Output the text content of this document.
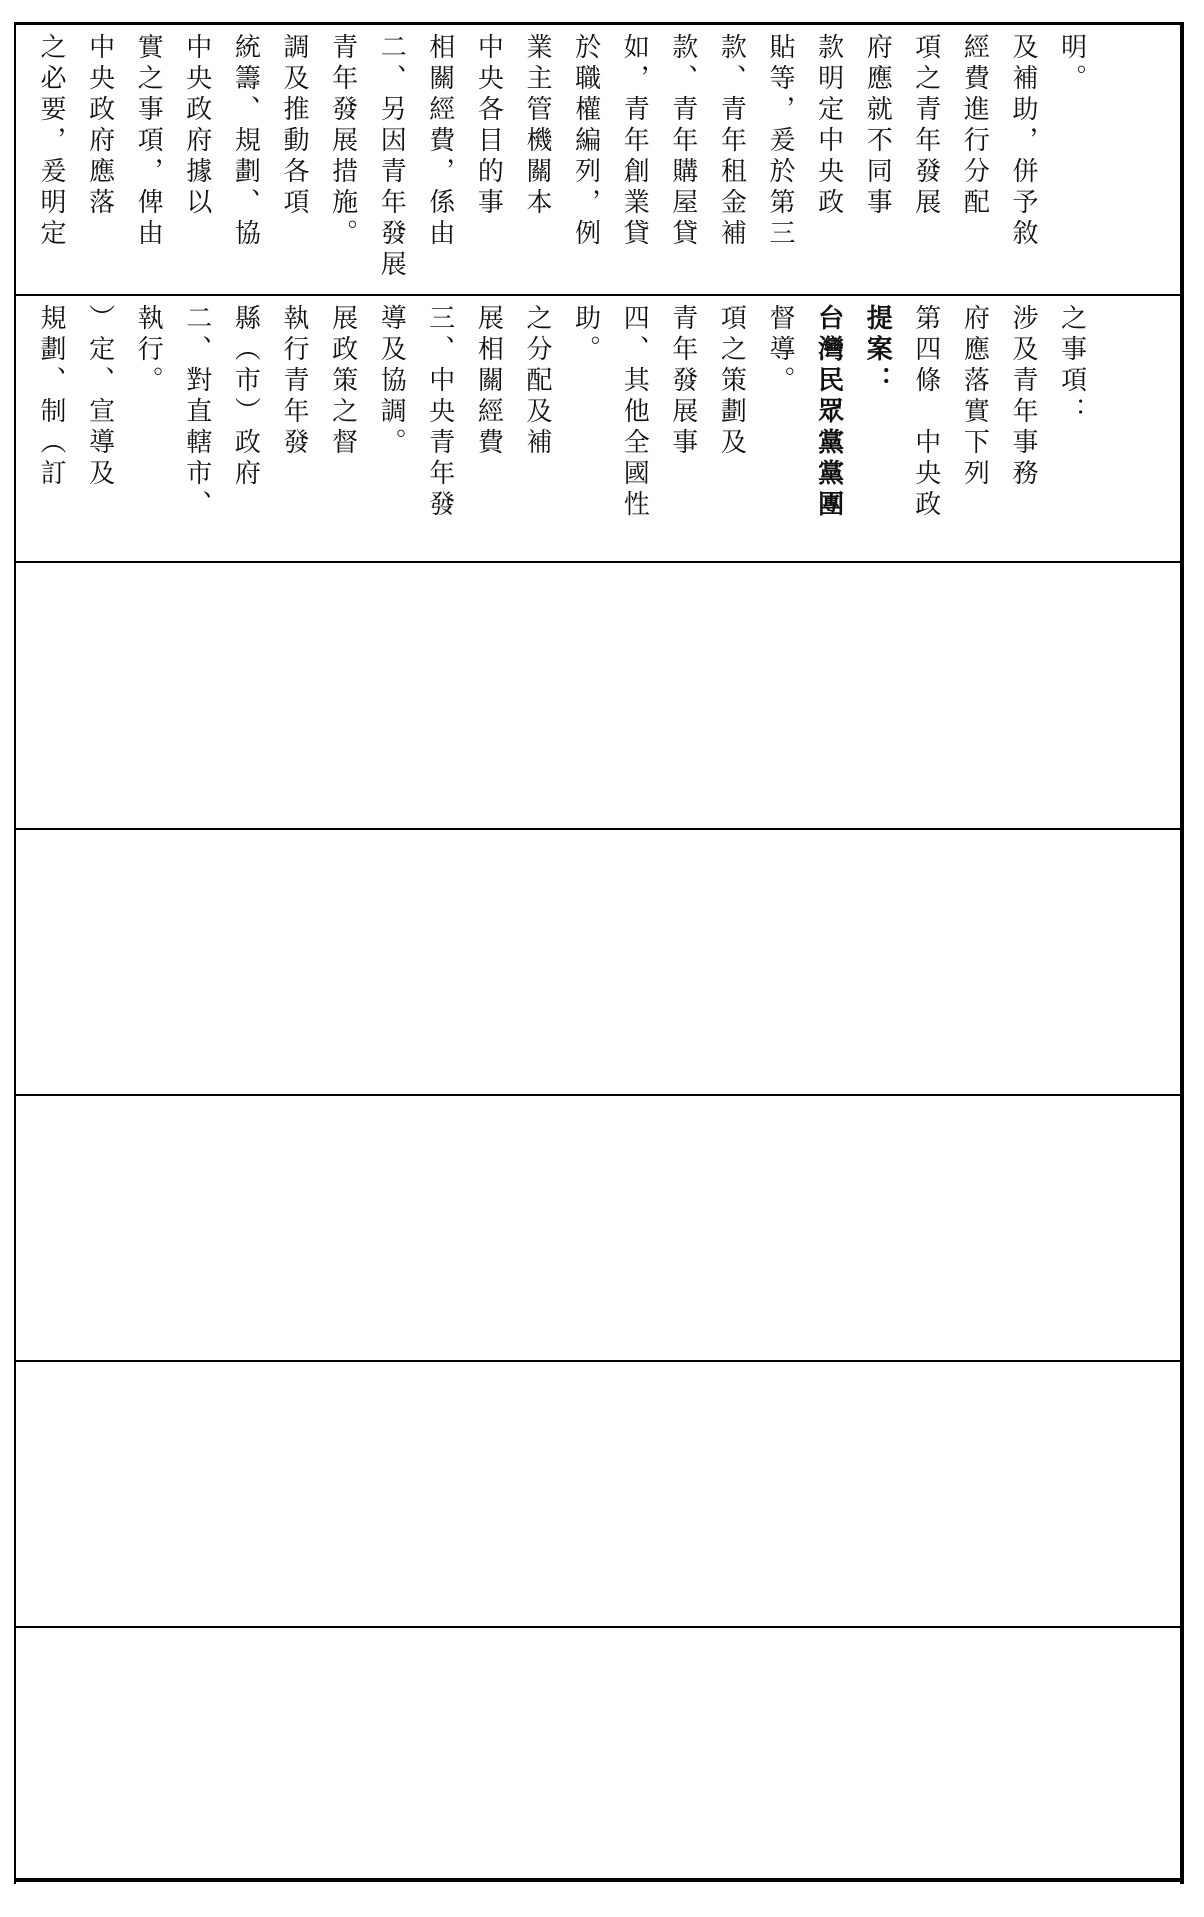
之必要，爰明定 中央政府應落 實之事項，俾由 中央政府據以 統籌、規劃、協 調及推動各項 青年發展措施。 二、另因青年發展 相關經費，係由 中央各目的事 業主管機關本 於職權編列，例 如，青年創業貸 款、青年購屋貸 款、青年租金補 貼等，爰於第三 款明定中央政 府應就不同事 項之青年發展 經費進行分配 及補助，併予敘 明。
規劃、制（訂 ）定、宣導及 執行。 二、對直轄市、 縣（市）政府 執行青年發 展政策之督 導及協調。 三、中央青年發 展相關經費 之分配及補 助。 四、其他全國性 青年發展事 項之策劃及 督導。 台灣民眾黨黨團 提案： 第四條　中央政 府應落實下列 涉及青年事務 之事項：
